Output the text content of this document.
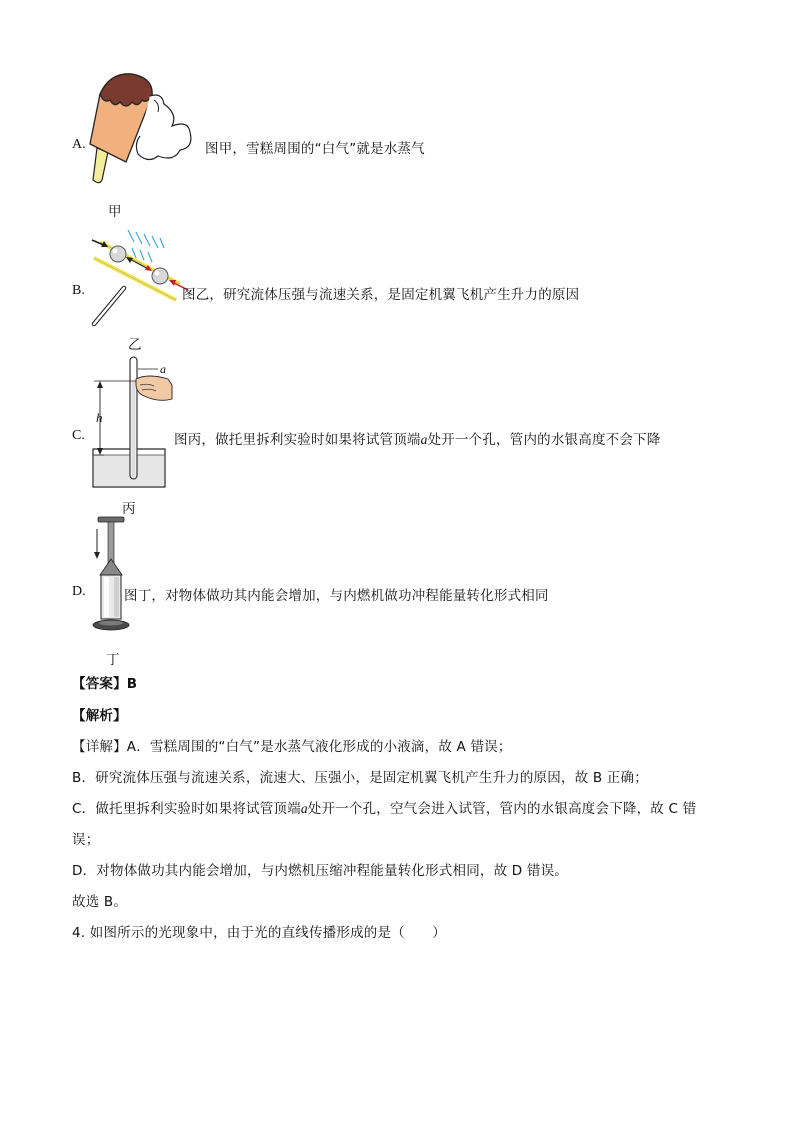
A.	图甲，雪糕周围的“白气”就是水蒸气
甲
B.	图乙，研究流体压强与流速关系，是固定机翼飞机产生升力的原因
乙
a
h
C.	图丙，做托里拆利实验时如果将试管顶端a处开一个孔，管内的水银高度不会下降
丙
D.	图丁，对物体做功其内能会增加，与内燃机做功冲程能量转化形式相同
丁
【答案】B
【解析】
【详解】A．雪糕周围的“白气”是水蒸气液化形成的小液滴，故 A 错误；
B．研究流体压强与流速关系，流速大、压强小，是固定机翼飞机产生升力的原因，故 B 正确；
C．做托里拆利实验时如果将试管顶端a处开一个孔，空气会进入试管，管内的水银高度会下降，故 C 错
误；
D．对物体做功其内能会增加，与内燃机压缩冲程能量转化形式相同，故 D 错误。
故选 B。
4. 如图所示的光现象中，由于光的直线传播形成的是（　　）
